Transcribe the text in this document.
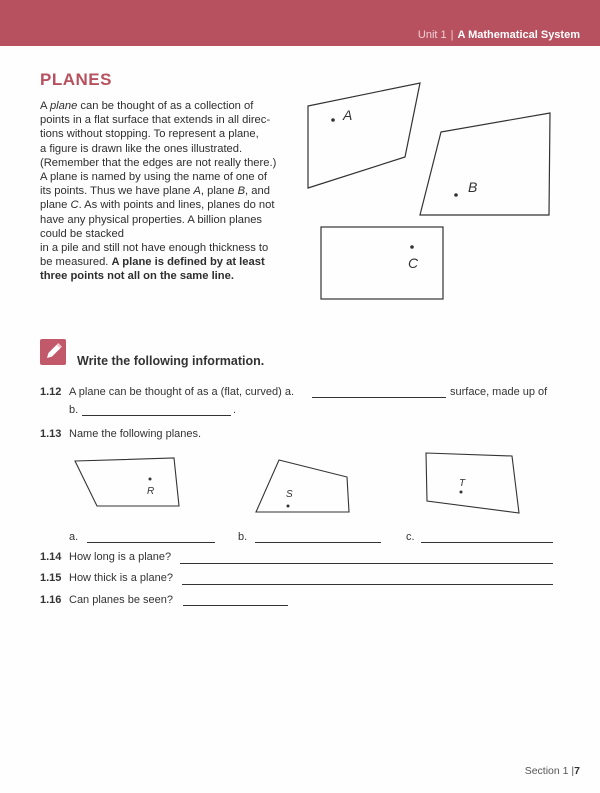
Unit 1 | A Mathematical System
PLANES

A plane can be thought of as a collection of
points in a flat surface that extends in all direc-
tions without stopping. To represent a plane,
a figure is drawn like the ones illustrated.
(Remember that the edges are not really there.)
A plane is named by using the name of one of
its points. Thus we have plane A, plane B, and
plane C. As with points and lines, planes do not
have any physical properties. A billion planes
could be stacked
in a pile and still not have enough thickness to
be measured. A plane is defined by at least
three points not all on the same line.

A
B
C
R	S
T
Write the following information.
1.12 A plane can be thought of as a (flat, curved) a.	surface, made up of
b.	.
1.13 Name the following planes.
a.	b.	c.
1.14 How long is a plane?
1.15 How thick is a plane?
1.16 Can planes be seen?
Section 1 |7
